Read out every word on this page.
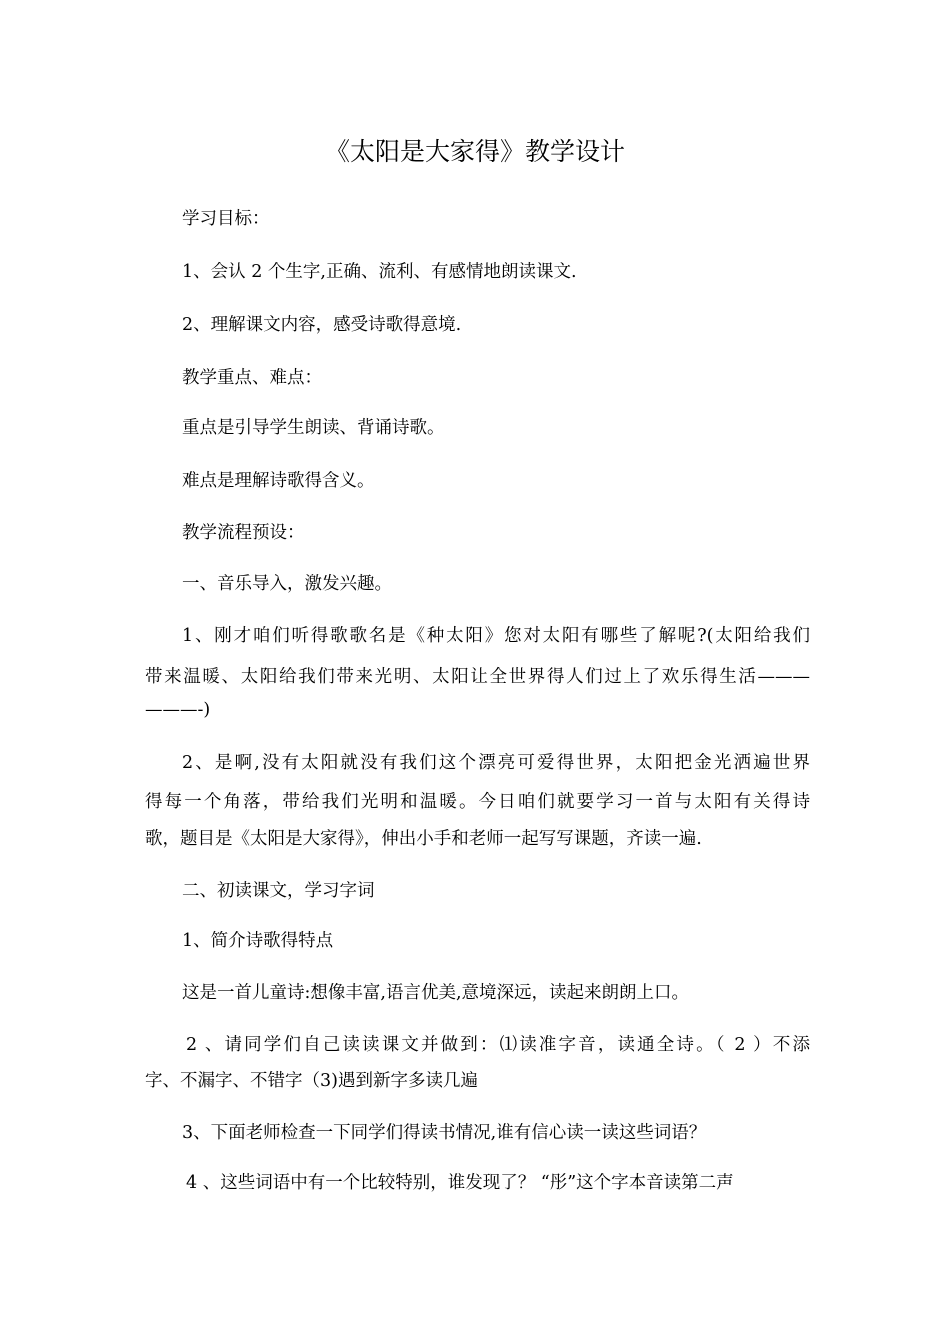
《太阳是大家得》教学设计

学习目标：

1、会认 2 个生字,正确、流利、有感情地朗读课文.

2、理解课文内容，感受诗歌得意境.

教学重点、难点：

重点是引导学生朗读、背诵诗歌。

难点是理解诗歌得含义。

教学流程预设：

一、音乐导入，激发兴趣。

1、刚才咱们听得歌歌名是《种太阳》您对太阳有哪些了解呢?(太阳给我们

带来温暖、太阳给我们带来光明、太阳让全世界得人们过上了欢乐得生活———

———-)

2、是啊,没有太阳就没有我们这个漂亮可爱得世界，太阳把金光洒遍世界

得每一个角落，带给我们光明和温暖。今日咱们就要学习一首与太阳有关得诗

歌，题目是《太阳是大家得》，伸出小手和老师一起写写课题，齐读一遍.

二、初读课文，学习字词

1、简介诗歌得特点

这是一首儿童诗:想像丰富,语言优美,意境深远，读起来朗朗上口。

2 、请同学们自己读读课文并做到：⑴读准字音，读通全诗。（ 2 ）不添

字、不漏字、不错字（3)遇到新字多读几遍

3、下面老师检查一下同学们得读书情况,谁有信心读一读这些词语？

4 、这些词语中有一个比较特别，谁发现了？ “彤”这个字本音读第二声
